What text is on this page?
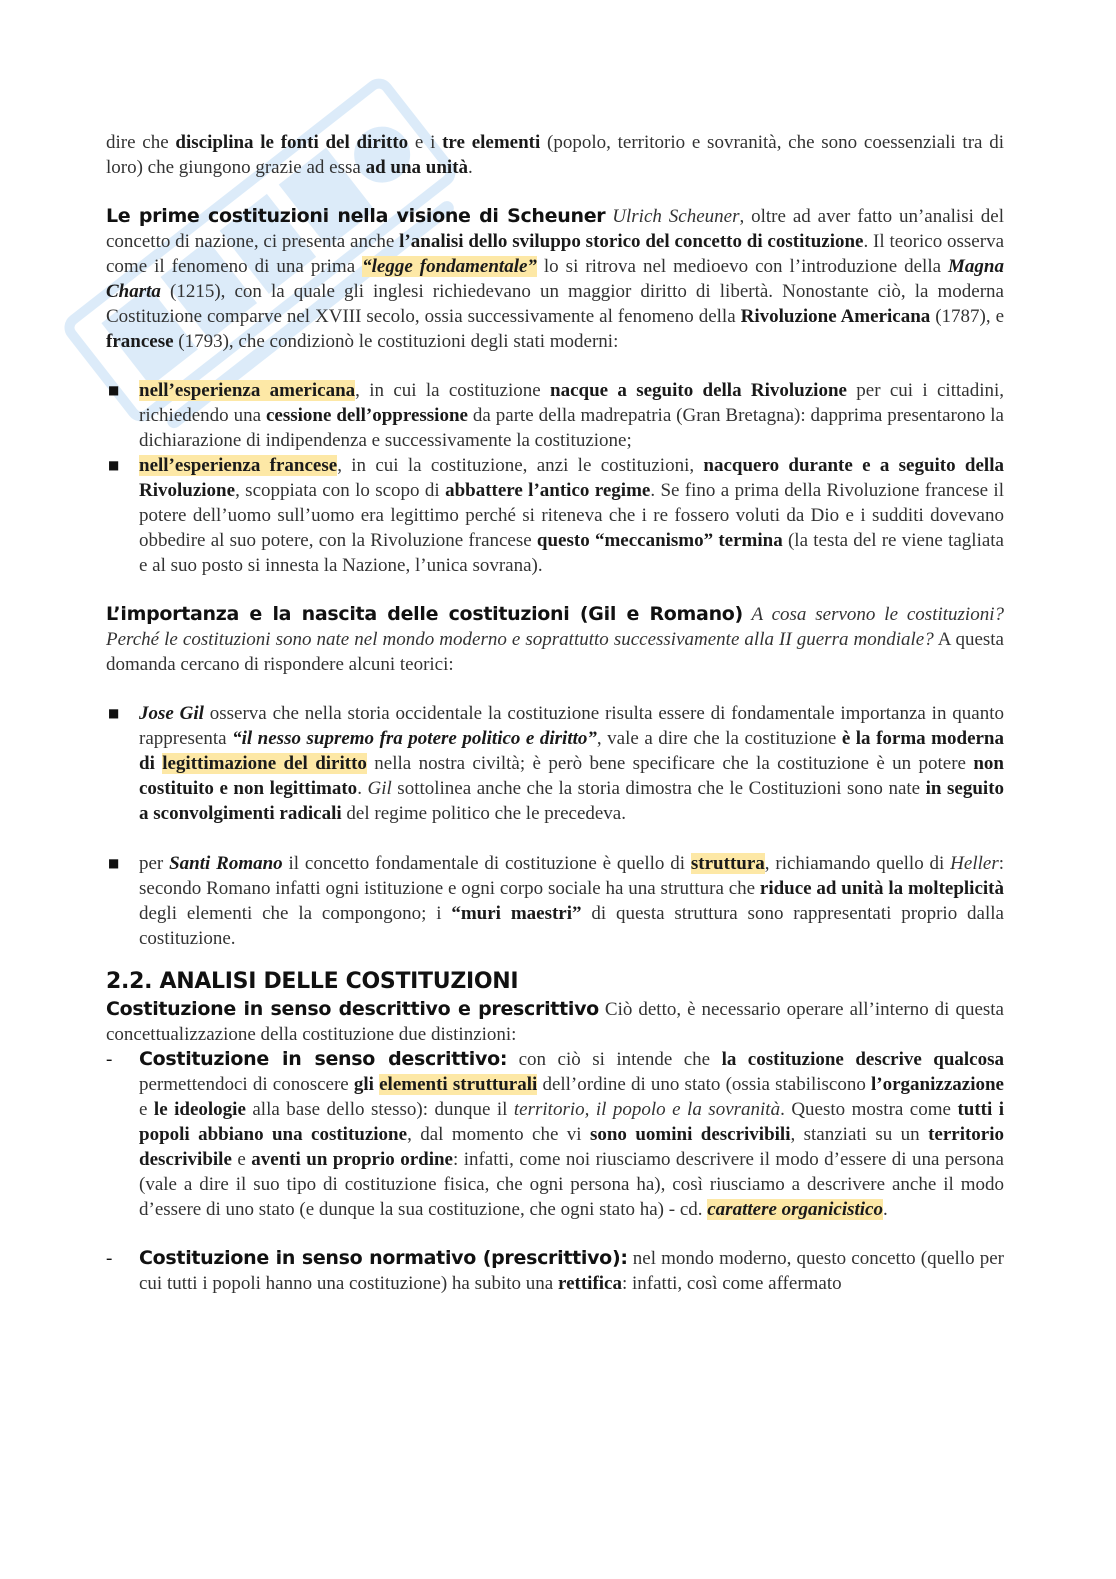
dire che disciplina le fonti del diritto e i tre elementi (popolo, territorio e sovranità, che sono coessenziali tra di loro) che giungono grazie ad essa ad una unità.

Le prime costituzioni nella visione di Scheuner Ulrich Scheuner, oltre ad aver fatto un’analisi del concetto di nazione, ci presenta anche l’analisi dello sviluppo storico del concetto di costituzione. Il teorico osserva come il fenomeno di una prima “legge fondamentale” lo si ritrova nel medioevo con l’introduzione della Magna Charta (1215), con la quale gli inglesi richiedevano un maggior diritto di libertà. Nonostante ciò, la moderna Costituzione comparve nel XVIII secolo, ossia successivamente al fenomeno della Rivoluzione Americana (1787), e francese (1793), che condizionò le costituzioni degli stati moderni:

■ nell’esperienza americana, in cui la costituzione nacque a seguito della Rivoluzione per cui i cittadini, richiedendo una cessione dell’oppressione da parte della madrepatria (Gran Bretagna): dapprima presentarono la dichiarazione di indipendenza e successivamente la costituzione;
■ nell’esperienza francese, in cui la costituzione, anzi le costituzioni, nacquero durante e a seguito della Rivoluzione, scoppiata con lo scopo di abbattere l’antico regime. Se fino a prima della Rivoluzione francese il potere dell’uomo sull’uomo era legittimo perché si riteneva che i re fossero voluti da Dio e i sudditi dovevano obbedire al suo potere, con la Rivoluzione francese questo “meccanismo” termina (la testa del re viene tagliata e al suo posto si innesta la Nazione, l’unica sovrana).

L’importanza e la nascita delle costituzioni (Gil e Romano) A cosa servono le costituzioni? Perché le costituzioni sono nate nel mondo moderno e soprattutto successivamente alla II guerra mondiale? A questa domanda cercano di rispondere alcuni teorici:

■ Jose Gil osserva che nella storia occidentale la costituzione risulta essere di fondamentale importanza in quanto rappresenta “il nesso supremo fra potere politico e diritto”, vale a dire che la costituzione è la forma moderna di legittimazione del diritto nella nostra civiltà; è però bene specificare che la costituzione è un potere non costituito e non legittimato. Gil sottolinea anche che la storia dimostra che le Costituzioni sono nate in seguito a sconvolgimenti radicali del regime politico che le precedeva.
■ per Santi Romano il concetto fondamentale di costituzione è quello di struttura, richiamando quello di Heller: secondo Romano infatti ogni istituzione e ogni corpo sociale ha una struttura che riduce ad unità la molteplicità degli elementi che la compongono; i “muri maestri” di questa struttura sono rappresentati proprio dalla costituzione.
2.2. ANALISI DELLE COSTITUZIONI

Costituzione in senso descrittivo e prescrittivo Ciò detto, è necessario operare all’interno di questa concettualizzazione della costituzione due distinzioni:

- Costituzione in senso descrittivo: con ciò si intende che la costituzione descrive qualcosa permettendoci di conoscere gli elementi strutturali dell’ordine di uno stato (ossia stabiliscono l’organizzazione e le ideologie alla base dello stesso): dunque il territorio, il popolo e la sovranità. Questo mostra come tutti i popoli abbiano una costituzione, dal momento che vi sono uomini descrivibili, stanziati su un territorio descrivibile e aventi un proprio ordine: infatti, come noi riusciamo descrivere il modo d’essere di una persona (vale a dire il suo tipo di costituzione fisica, che ogni persona ha), così riusciamo a descrivere anche il modo d’essere di uno stato (e dunque la sua costituzione, che ogni stato ha) - cd. carattere organicistico.
- Costituzione in senso normativo (prescrittivo): nel mondo moderno, questo concetto (quello per cui tutti i popoli hanno una costituzione) ha subito una rettifica: infatti, così come affermato
